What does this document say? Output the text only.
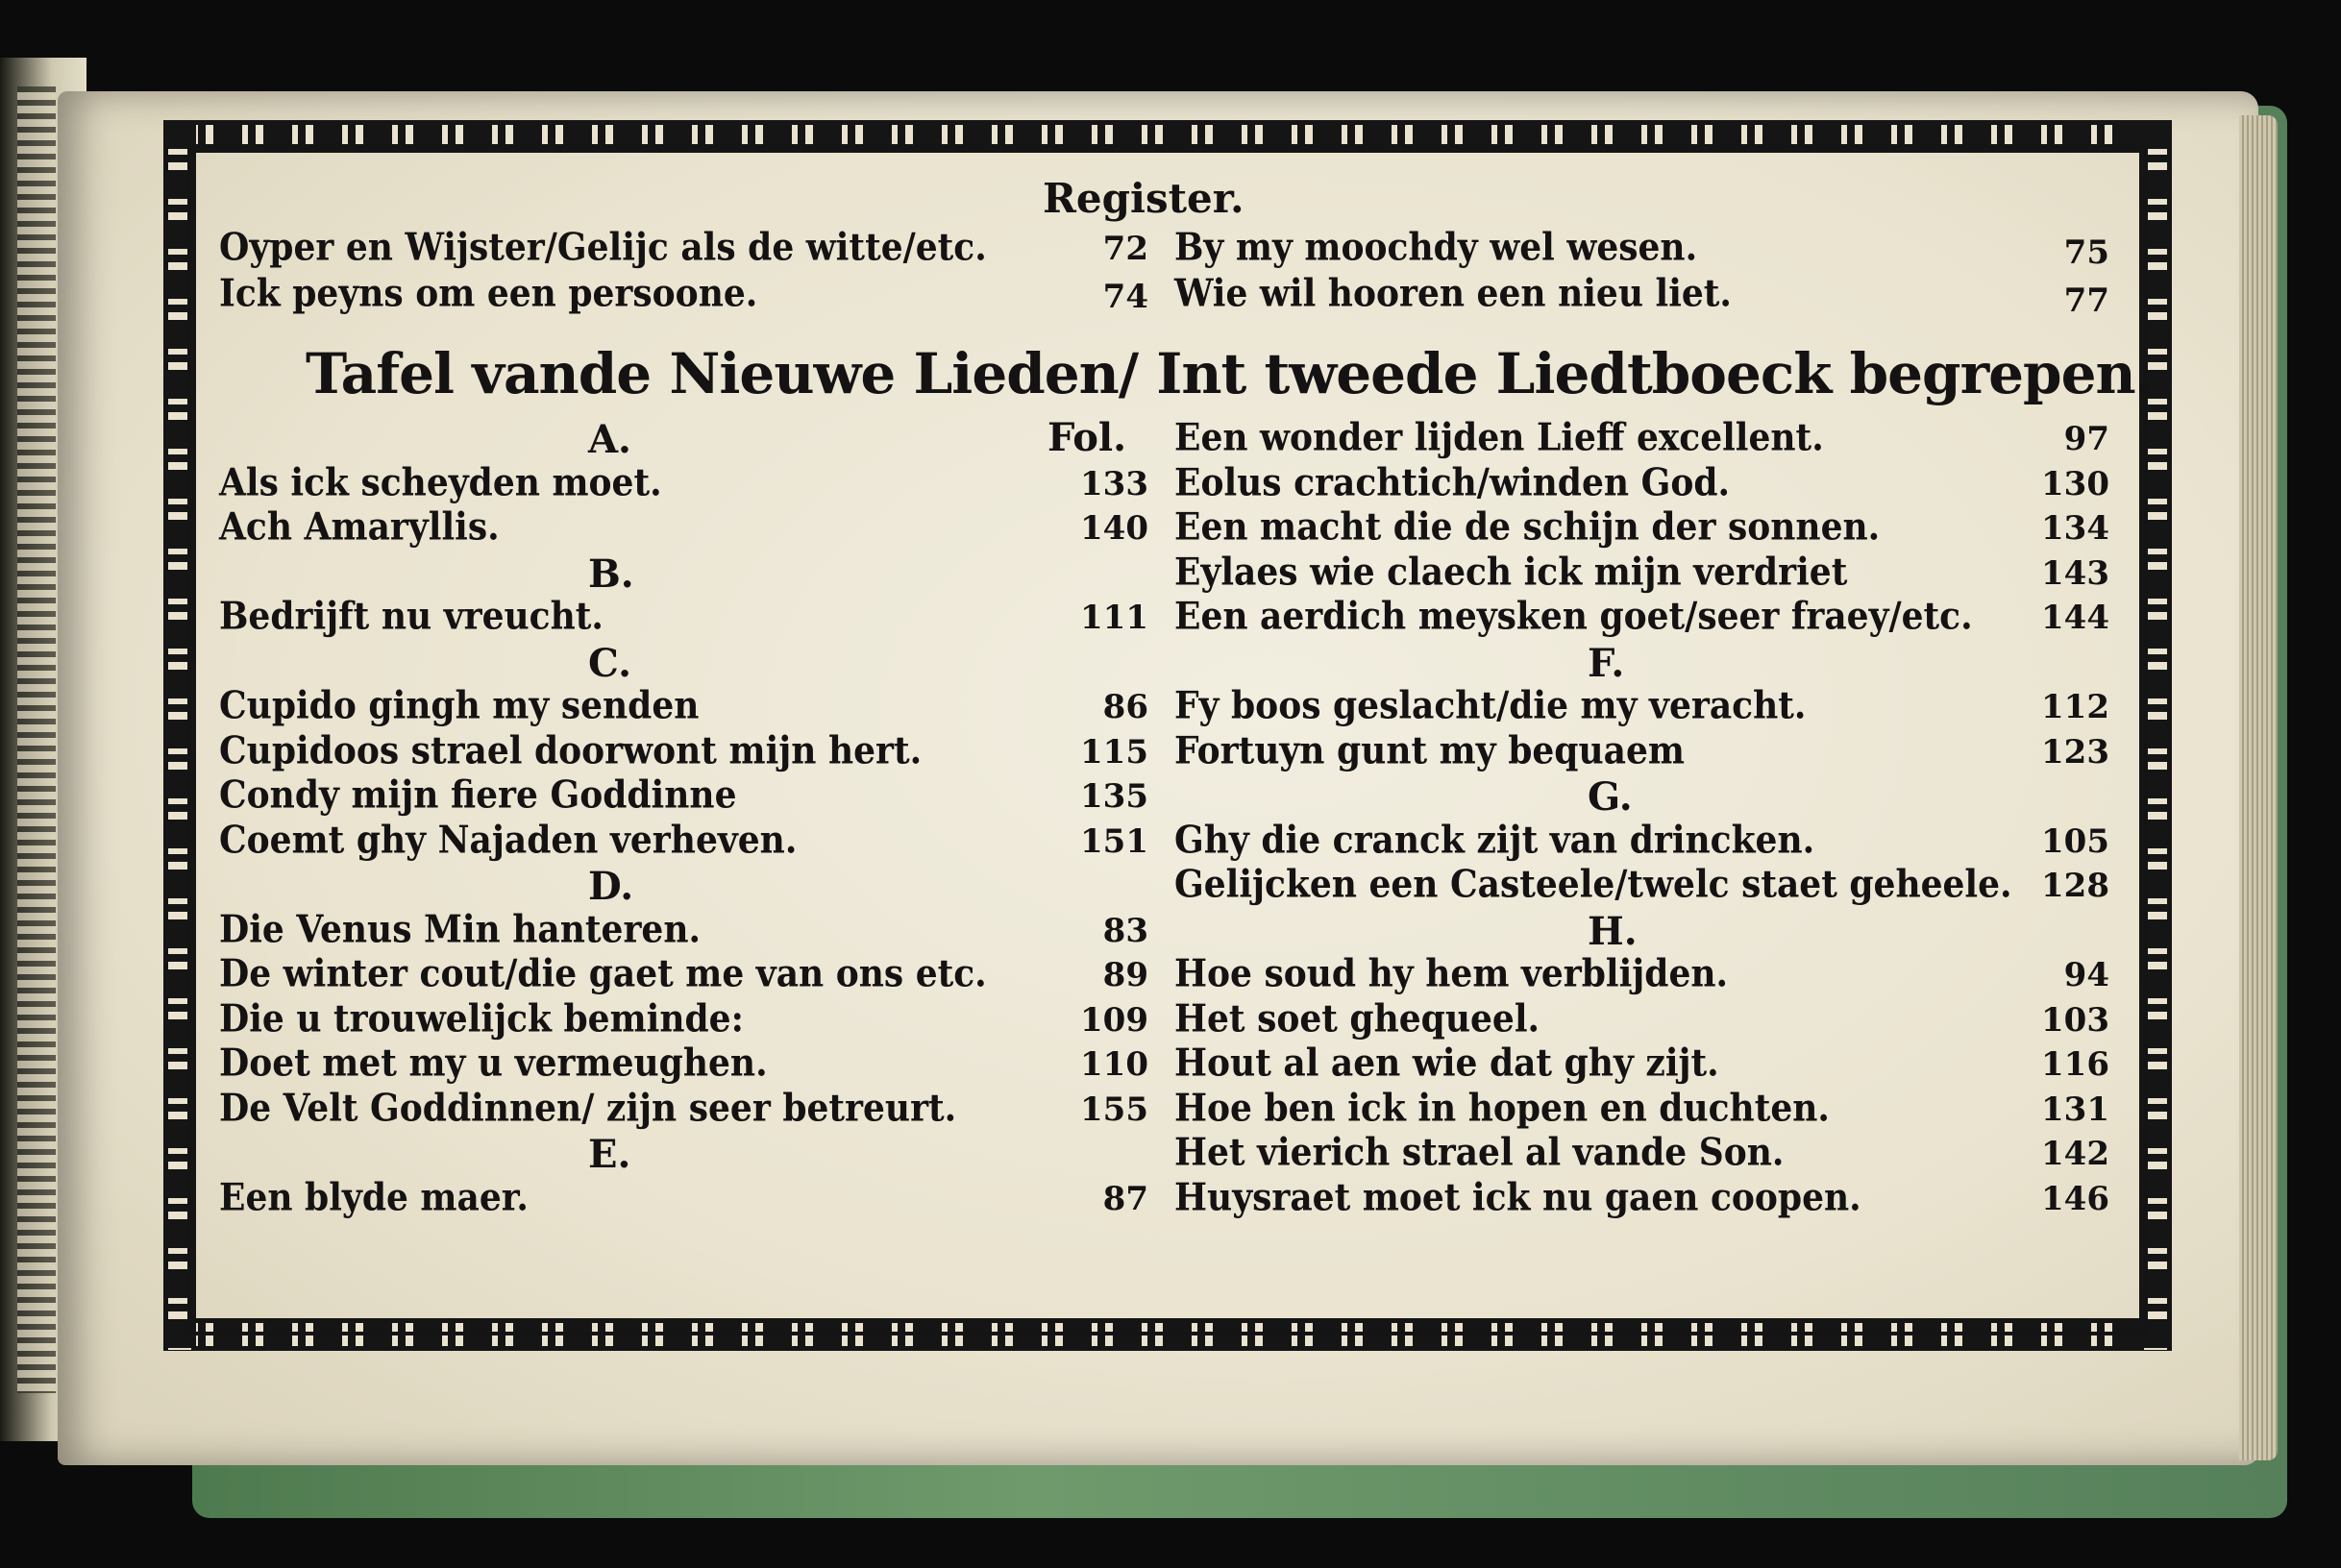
Register.
Oyper en Wijster/Gelijc als de witte/etc.	72 By my moochdy wel wesen.	75
Ick peyns om een persoone.	74 Wie wil hooren een nieu liet.	77
Tafel vande Nieuwe Lieden/ Int tweede Liedtboeck begrepen.
Fol.
A.
Als ick scheyden moet.	133
Ach Amaryllis.	140
B.
Bedrijft nu vreucht.	111
C.
Cupido gingh my senden	86
Cupidoos strael doorwont mijn hert.	115
Condy mijn fiere Goddinne	135
Coemt ghy Najaden verheven.	151
D.
Die Venus Min hanteren.	83
De winter cout/die gaet me van ons etc.	89
Die u trouwelijck beminde:	109
Doet met my u vermeughen.	110
De Velt Goddinnen/ zijn seer betreurt.	155
E.
Een blyde maer.	87
Een wonder lijden Lieff excellent.	97
Eolus crachtich/winden God.	130
Een macht die de schijn der sonnen.	134
Eylaes wie claech ick mijn verdriet	143
Een aerdich meysken goet/seer fraey/etc.	144
F.
Fy boos geslacht/die my veracht.	112
Fortuyn gunt my bequaem	123
G.
Ghy die cranck zijt van drincken.	105
Gelijcken een Casteele/twelc staet geheele. 128
H.
Hoe soud hy hem verblijden.	94
Het soet ghequeel.	103
Hout al aen wie dat ghy zijt.	116
Hoe ben ick in hopen en duchten.	131
Het vierich strael al vande Son.	142
Huysraet moet ick nu gaen coopen.	146
